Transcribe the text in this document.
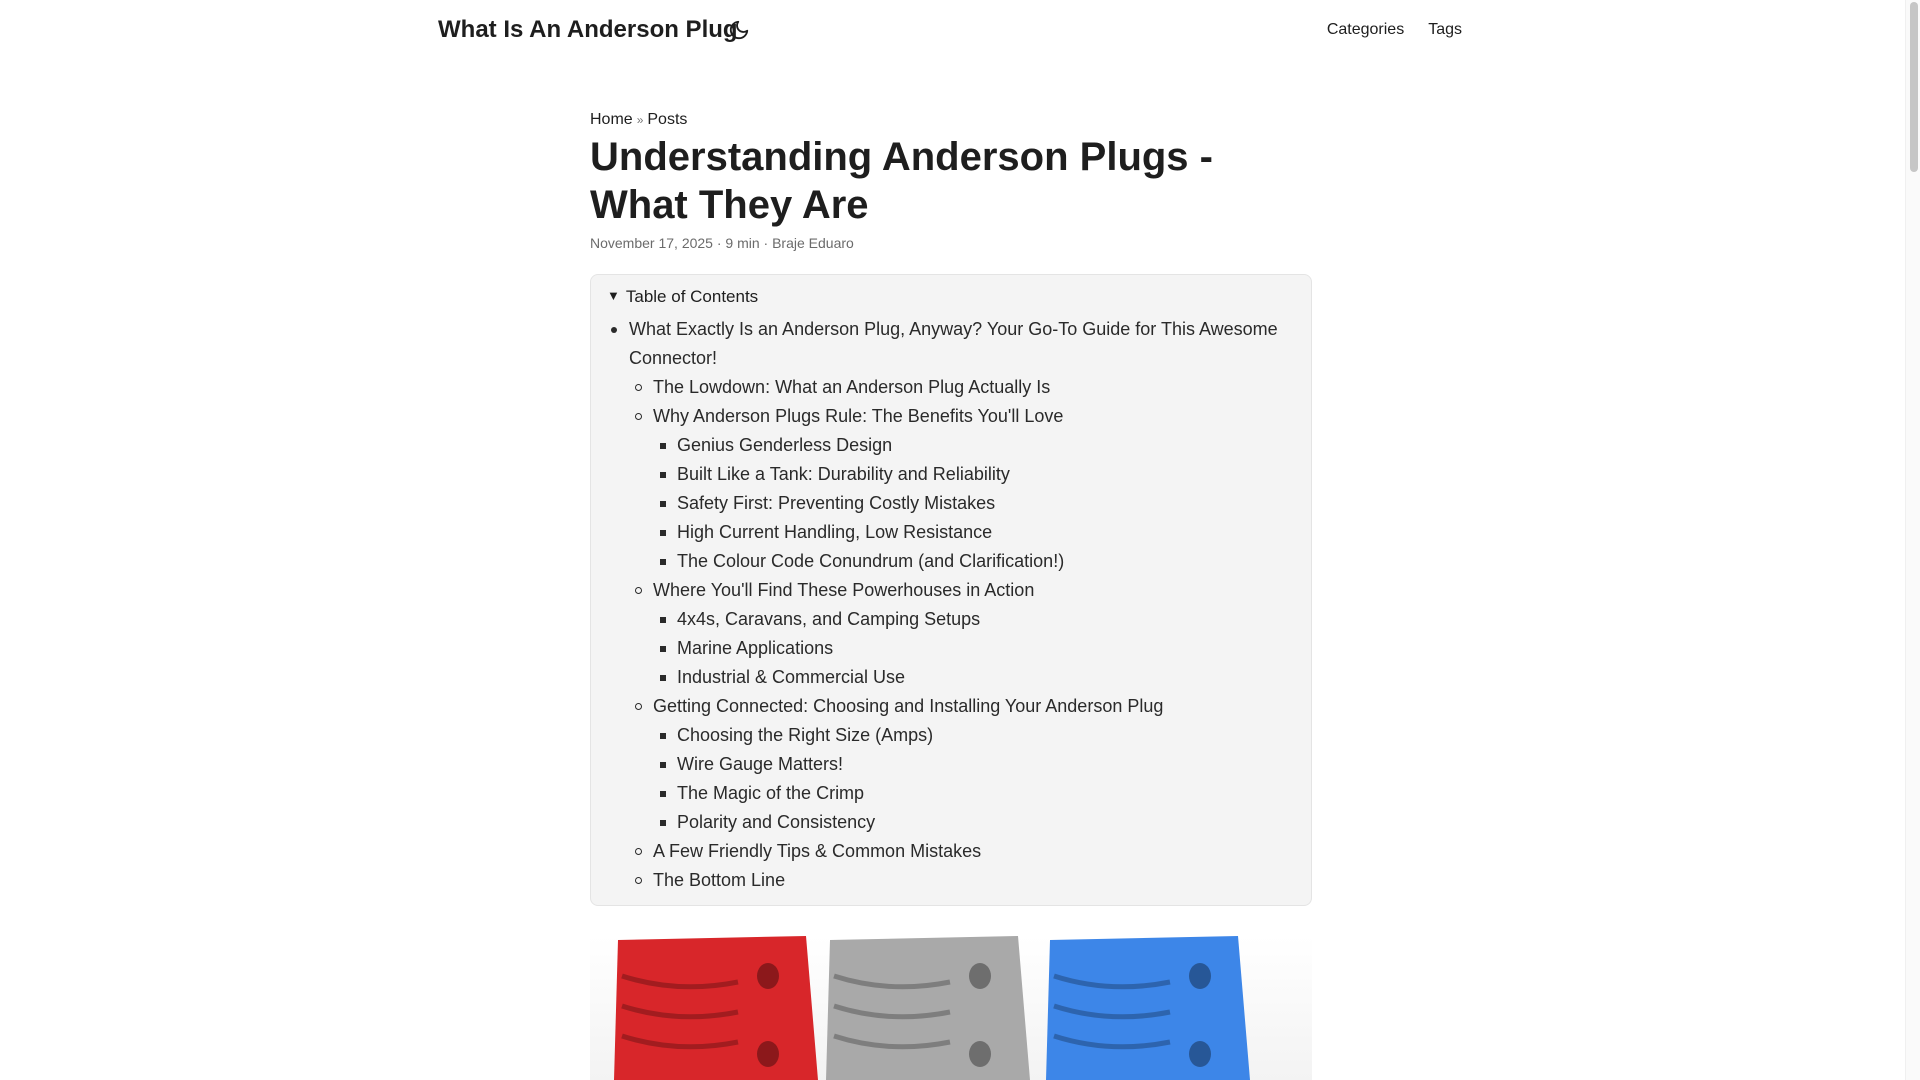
What Is An Anderson Plug	Categories Tags
Home » Posts
Understanding Anderson Plugs - What They Are
November 17, 2025 · 9 min · Braje Eduaro
▼ Table of Contents
What Exactly Is an Anderson Plug, Anyway? Your Go-To Guide for This Awesome Connector!
The Lowdown: What an Anderson Plug Actually Is
Why Anderson Plugs Rule: The Benefits You'll Love
Genius Genderless Design
Built Like a Tank: Durability and Reliability
Safety First: Preventing Costly Mistakes
High Current Handling, Low Resistance
The Colour Code Conundrum (and Clarification!)
Where You'll Find These Powerhouses in Action
4x4s, Caravans, and Camping Setups
Marine Applications
Industrial & Commercial Use
Getting Connected: Choosing and Installing Your Anderson Plug
Choosing the Right Size (Amps)
Wire Gauge Matters!
The Magic of the Crimp
Polarity and Consistency
A Few Friendly Tips & Common Mistakes
The Bottom Line
